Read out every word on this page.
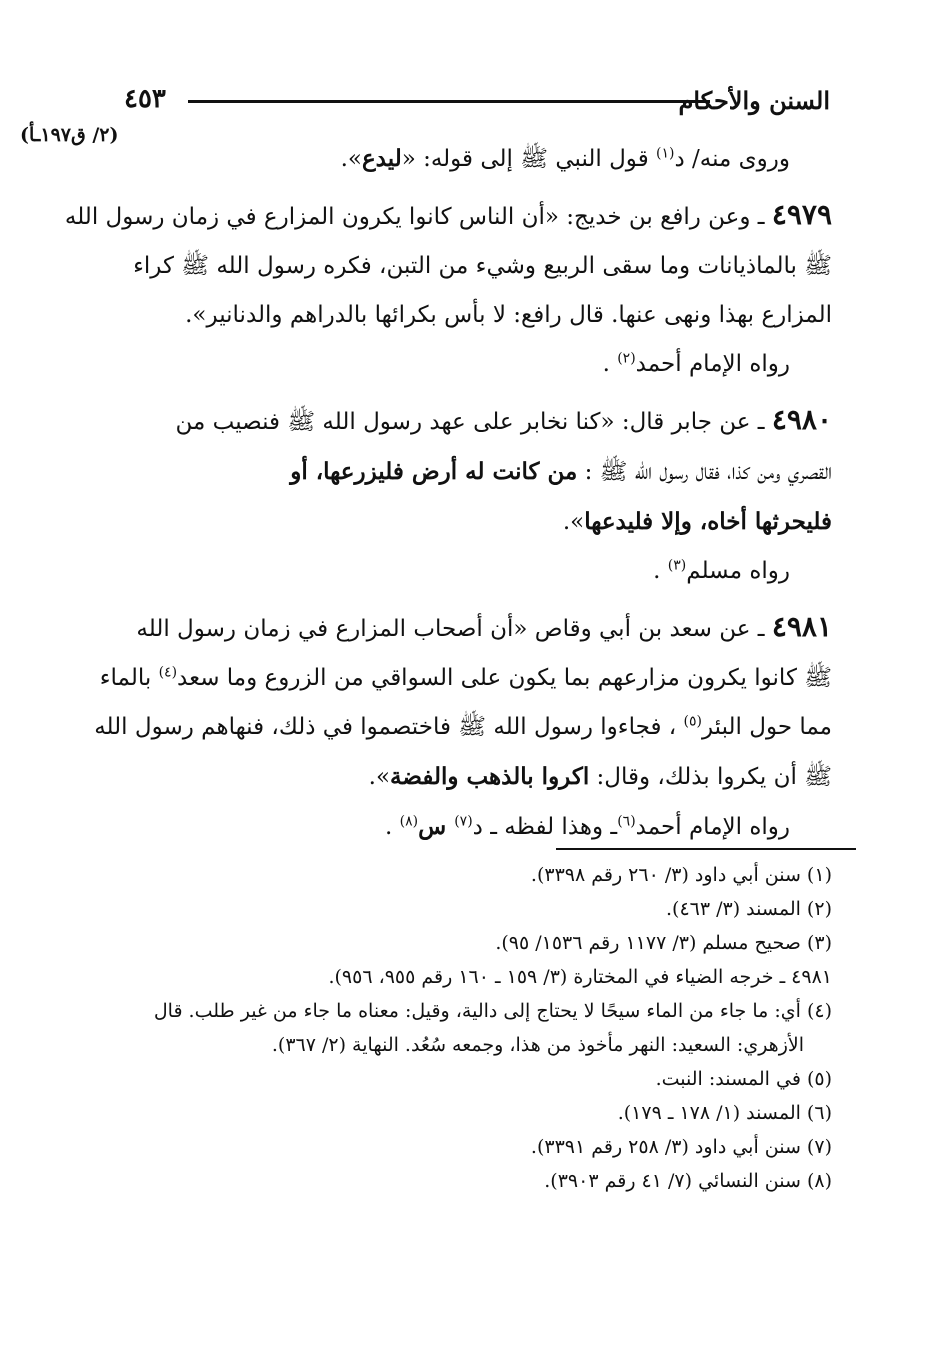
السنن والأحكام
٤٥٣
(٢/ ق١٩٧ـأ)
وروى منه/ د$^{(١)}$ قول النبي ﷺ إلى قوله: «ليدع».
٤٩٧٩ ـ وعن رافع بن خديج: «أن الناس كانوا يكرون المزارع في زمان رسول الله
ﷺ بالماذيانات وما سقى الربيع وشيء من التبن، فكره رسول الله ﷺ كراء
المزارع بهذا ونهى عنها. قال رافع: لا بأس بكرائها بالدراهم والدنانير».
رواه الإمام أحمد$^{(٢)}$ .
٤٩٨٠ ـ عن جابر قال: «كنا نخابر على عهد رسول الله ﷺ فنصيب من
القصري ومن كذا، فقال رسول الله ﷺ : من كانت له أرض فليزرعها، أو
فليحرثها أخاه، وإلا فليدعها».
رواه مسلم$^{(٣)}$ .
٤٩٨١ ـ عن سعد بن أبي وقاص «أن أصحاب المزارع في زمان رسول الله
ﷺ كانوا يكرون مزارعهم بما يكون على السواقي من الزروع وما سعد$^{(٤)}$ بالماء
مما حول البئر$^{(٥)}$ ، فجاءوا رسول الله ﷺ فاختصموا في ذلك، فنهاهم رسول الله
ﷺ أن يكروا بذلك، وقال: اكروا بالذهب والفضة».
رواه الإمام أحمد$^{(٦)}$ـ وهذا لفظه ـ د$^{(٧)}$ س$^{(٨)}$ .
(١) سنن أبي داود (٣/ ٢٦٠ رقم ٣٣٩٨).
(٢) المسند (٣/ ٤٦٣).
(٣) صحيح مسلم (٣/ ١١٧٧ رقم ١٥٣٦/ ٩٥).
٤٩٨١ ـ خرجه الضياء في المختارة (٣/ ١٥٩ ـ ١٦٠ رقم ٩٥٥، ٩٥٦).
(٤) أي: ما جاء من الماء سيحًا لا يحتاج إلى دالية، وقيل: معناه ما جاء من غير طلب. قال
الأزهري: السعيد: النهر مأخوذ من هذا، وجمعه سُعُد. النهاية (٢/ ٣٦٧).
(٥) في المسند: النبت.
(٦) المسند (١/ ١٧٨ ـ ١٧٩).
(٧) سنن أبي داود (٣/ ٢٥٨ رقم ٣٣٩١).
(٨) سنن النسائي (٧/ ٤١ رقم ٣٩٠٣).
